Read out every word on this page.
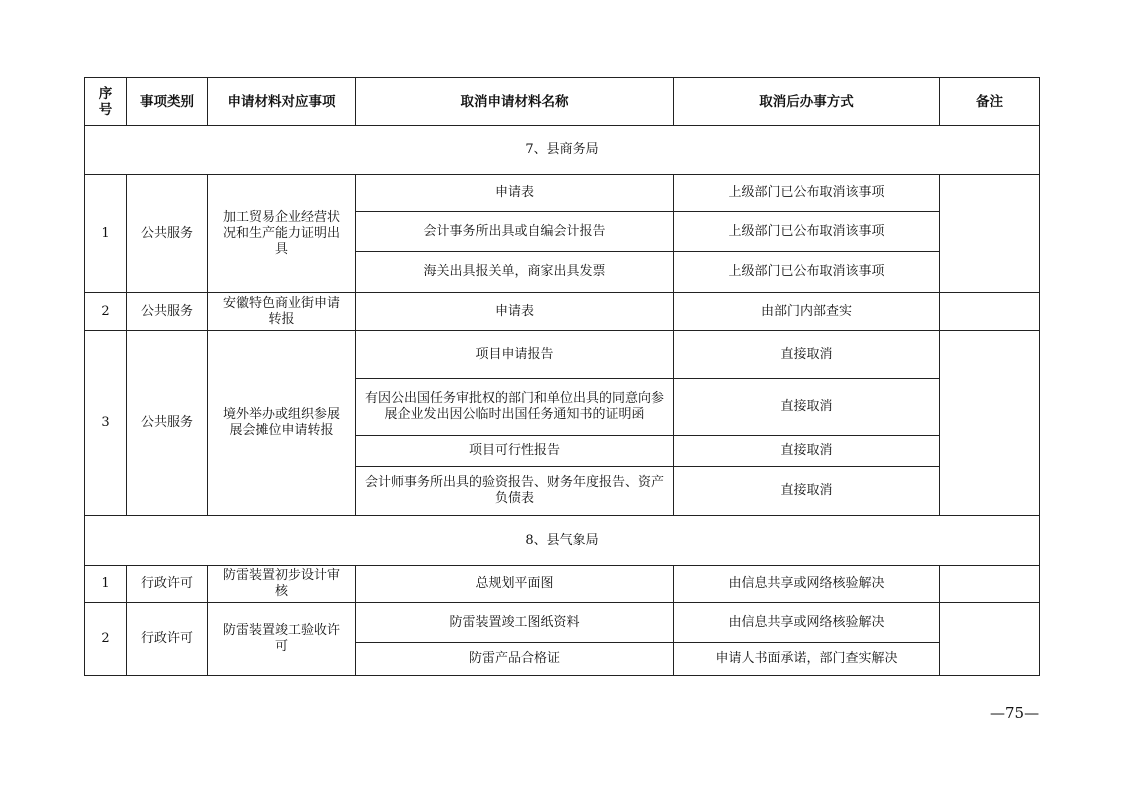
序号	事项类别	申请材料对应事项	取消申请材料名称	取消后办事方式	备注
7、县商务局					
1	公共服务	加工贸易企业经营状况和生产能力证明出具	申请表	上级部门已公布取消该事项	
			会计事务所出具或自编会计报告	上级部门已公布取消该事项	
			海关出具报关单，商家出具发票	上级部门已公布取消该事项	
2	公共服务	安徽特色商业街申请转报	申请表	由部门内部查实	
3	公共服务	境外举办或组织参展展会摊位申请转报	项目申请报告	直接取消	
			有因公出国任务审批权的部门和单位出具的同意向参展企业发出因公临时出国任务通知书的证明函	直接取消	
			项目可行性报告	直接取消	
			会计师事务所出具的验资报告、财务年度报告、资产负债表	直接取消	
8、县气象局					
1	行政许可	防雷装置初步设计审核	总规划平面图	由信息共享或网络核验解决	
2	行政许可	防雷装置竣工验收许可	防雷装置竣工图纸资料	由信息共享或网络核验解决	
			防雷产品合格证	申请人书面承诺，部门查实解决	
—75—
